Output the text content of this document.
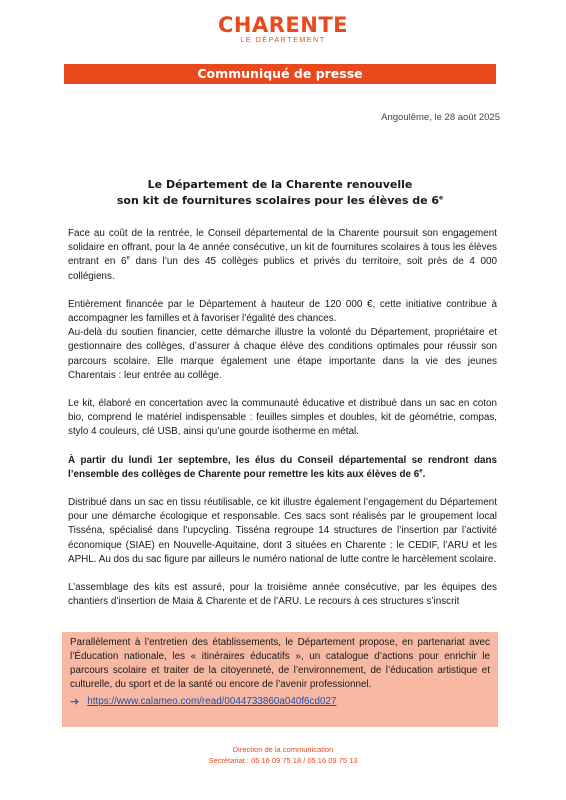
CHARENTE
LE DÉPARTEMENT
Communiqué de presse
Angoulême, le 28 août 2025
Le Département de la Charente renouvelle
son kit de fournitures scolaires pour les élèves de 6e

Face au coût de la rentrée, le Conseil départemental de la Charente poursuit son engagement solidaire en offrant, pour la 4e année consécutive, un kit de fournitures scolaires à tous les élèves entrant en 6e dans l’un des 45 collèges publics et privés du territoire, soit près de 4 000 collégiens.

Entièrement financée par le Département à hauteur de 120 000 €, cette initiative contribue à accompagner les familles et à favoriser l’égalité des chances.

Au-delà du soutien financier, cette démarche illustre la volonté du Département, propriétaire et gestionnaire des collèges, d’assurer à chaque élève des conditions optimales pour réussir son parcours scolaire. Elle marque également une étape importante dans la vie des jeunes Charentais : leur entrée au collège.

Le kit, élaboré en concertation avec la communauté éducative et distribué dans un sac en coton bio, comprend le matériel indispensable : feuilles simples et doubles, kit de géométrie, compas, stylo 4 couleurs, clé USB, ainsi qu’une gourde isotherme en métal.

À partir du lundi 1er septembre, les élus du Conseil départemental se rendront dans l’ensemble des collèges de Charente pour remettre les kits aux élèves de 6e.

Distribué dans un sac en tissu réutilisable, ce kit illustre également l’engagement du Département pour une démarche écologique et responsable. Ces sacs sont réalisés par le groupement local Tisséna, spécialisé dans l’upcycling. Tisséna regroupe 14 structures de l’insertion par l’activité économique (SIAE) en Nouvelle-Aquitaine, dont 3 situées en Charente : le CEDIF, l’ARU et les APHL. Au dos du sac figure par ailleurs le numéro national de lutte contre le harcèlement scolaire.

L’assemblage des kits est assuré, pour la troisième année consécutive, par les équipes des chantiers d’insertion de Maia & Charente et de l’ARU. Le recours à ces structures s’inscrit

Parallèlement à l’entretien des établissements, le Département propose, en partenariat avec l’Éducation nationale, les « itinéraires éducatifs », un catalogue d’actions pour enrichir le parcours scolaire et traiter de la citoyenneté, de l’environnement, de l’éducation artistique et culturelle, du sport et de la santé ou encore de l’avenir professionnel.
➔ https://www.calameo.com/read/0044733860a040f6cd027
Direction de la communication
Secrétariat : 05 16 09 75 18 / 05 16 09 75 13
